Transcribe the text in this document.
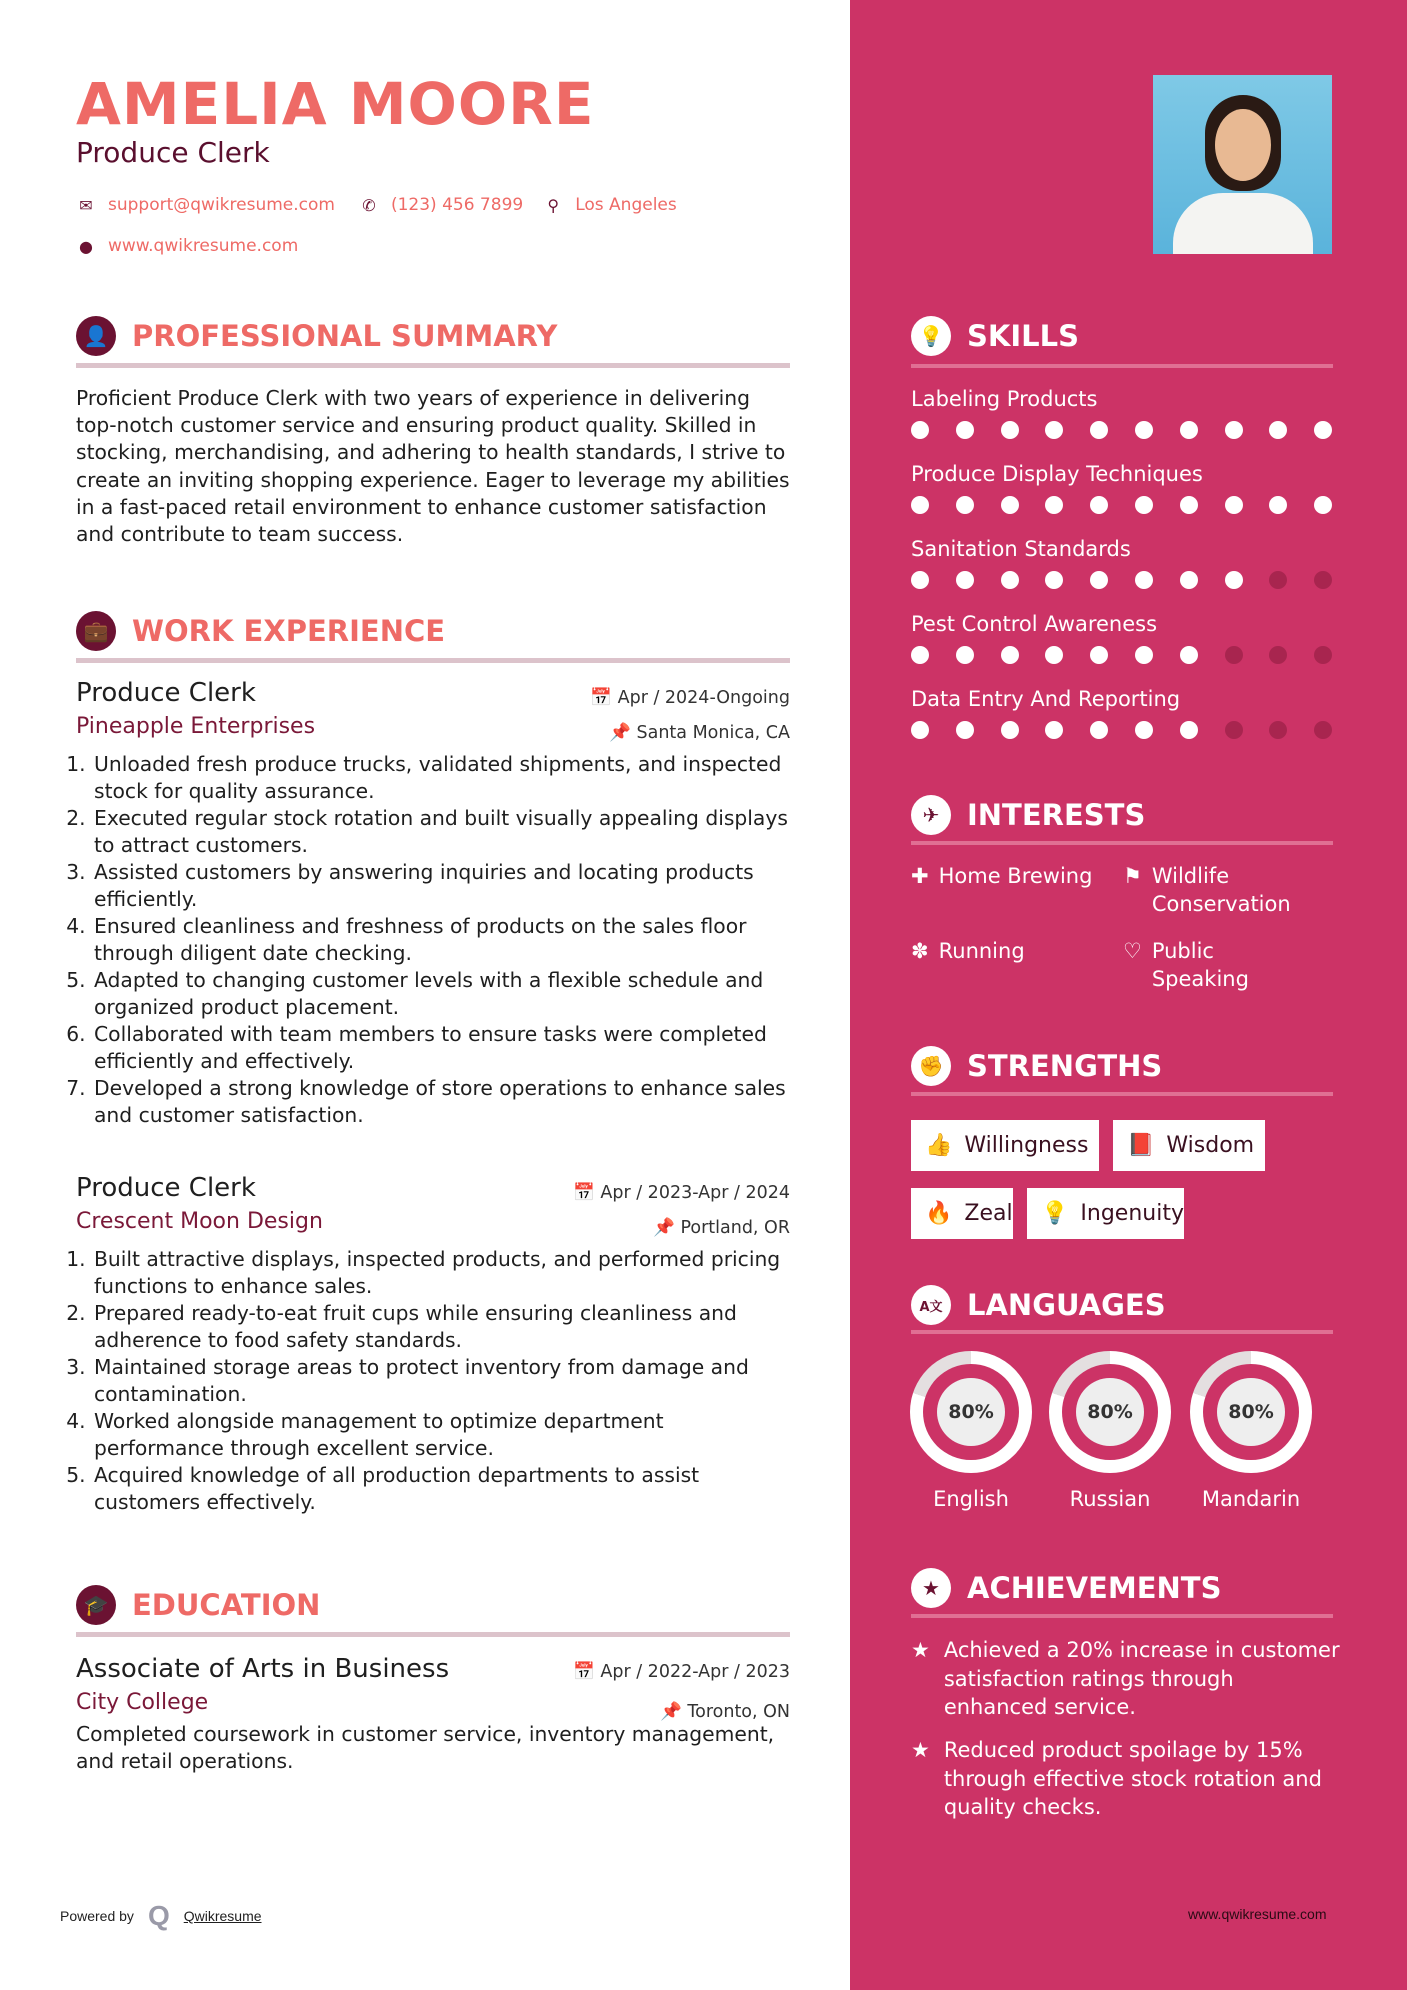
AMELIA MOORE
Produce Clerk
✉ support@qwikresume.com ✆ (123) 456 7899 ⚲ Los Angeles
● www.qwikresume.com
👤 PROFESSIONAL SUMMARY
Proficient Produce Clerk with two years of experience in delivering top-notch customer service and ensuring product quality. Skilled in stocking, merchandising, and adhering to health standards, I strive to create an inviting shopping experience. Eager to leverage my abilities in a fast-paced retail environment to enhance customer satisfaction and contribute to team success.
💼 WORK EXPERIENCE
Produce Clerk	📅 Apr / 2024-Ongoing
Pineapple Enterprises	📌 Santa Monica, CA
1. Unloaded fresh produce trucks, validated shipments, and inspected stock for quality assurance.
2. Executed regular stock rotation and built visually appealing displays to attract customers.
3. Assisted customers by answering inquiries and locating products efficiently.
4. Ensured cleanliness and freshness of products on the sales floor through diligent date checking.
5. Adapted to changing customer levels with a flexible schedule and organized product placement.
6. Collaborated with team members to ensure tasks were completed efficiently and effectively.
7. Developed a strong knowledge of store operations to enhance sales and customer satisfaction.
Produce Clerk	📅 Apr / 2023-Apr / 2024
Crescent Moon Design	📌 Portland, OR
1. Built attractive displays, inspected products, and performed pricing functions to enhance sales.
2. Prepared ready-to-eat fruit cups while ensuring cleanliness and adherence to food safety standards.
3. Maintained storage areas to protect inventory from damage and contamination.
4. Worked alongside management to optimize department performance through excellent service.
5. Acquired knowledge of all production departments to assist customers effectively.
🎓 EDUCATION
Associate of Arts in Business	📅 Apr / 2022-Apr / 2023
City College	📌 Toronto, ON
Completed coursework in customer service, inventory management, and retail operations.
Powered by Q Qwikresume	www.qwikresume.com
💡 SKILLS
Labeling Products
Produce Display Techniques
Sanitation Standards
Pest Control Awareness
Data Entry And Reporting
✈ INTERESTS
✚ Home Brewing ⚑ Wildlife Conservation
✽ Running	♡ Public Speaking
✊ STRENGTHS
👍 Willingness 📕 Wisdom
🔥 Zeal 💡 Ingenuity
A文 LANGUAGES
80%
English
80%
Russian
80%
Mandarin
★ ACHIEVEMENTS
★ Achieved a 20% increase in customer satisfaction ratings through enhanced service.
★ Reduced product spoilage by 15% through effective stock rotation and quality checks.
